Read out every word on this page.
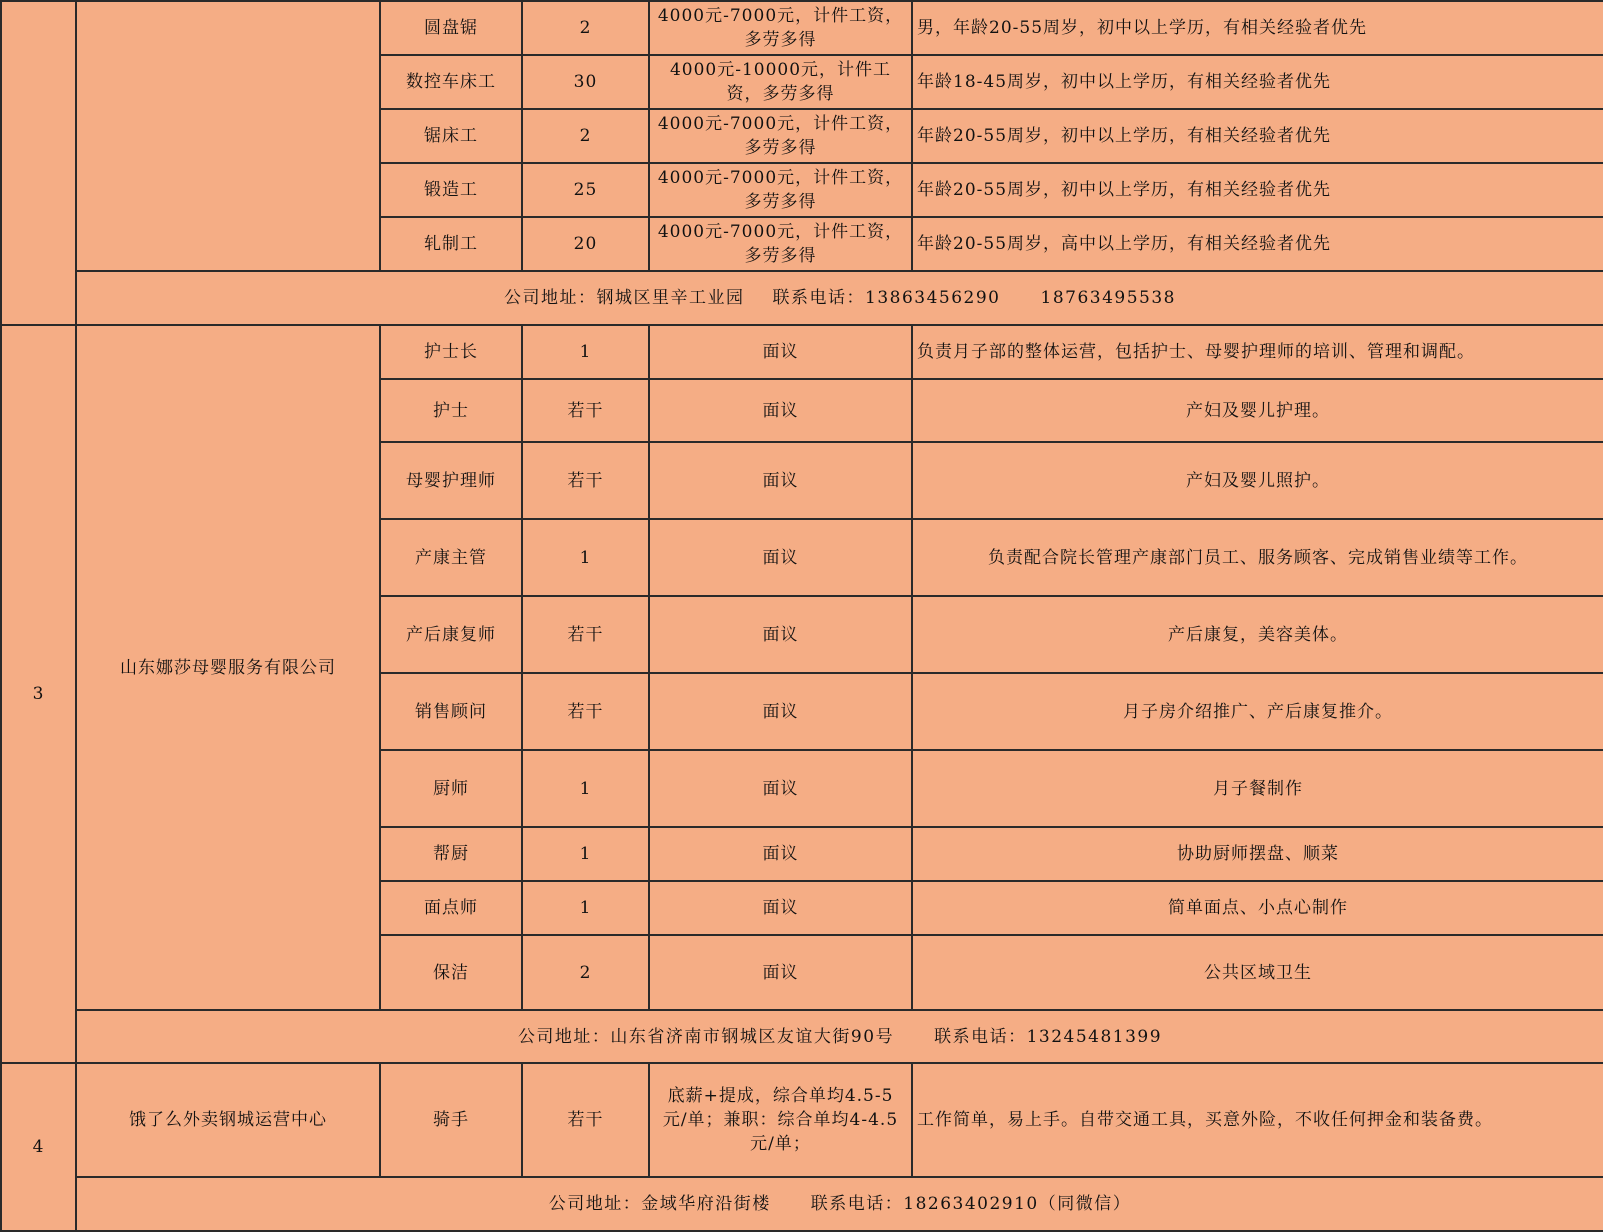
		圆盘锯	2	4000元-7000元，计件工资，多劳多得	男，年龄20-55周岁，初中以上学历，有相关经验者优先
		数控车床工	30	4000元-10000元，计件工资，多劳多得	年龄18-45周岁，初中以上学历，有相关经验者优先
		锯床工	2	4000元-7000元，计件工资，多劳多得	年龄20-55周岁，初中以上学历，有相关经验者优先
		锻造工	25	4000元-7000元，计件工资，多劳多得	年龄20-55周岁，初中以上学历，有相关经验者优先
		轧制工	20	4000元-7000元，计件工资，多劳多得	年龄20-55周岁，高中以上学历，有相关经验者优先
	公司地址：钢城区里辛工业园 联系电话：13863456290 18763495538				
3	山东娜莎母婴服务有限公司	护士长	1	面议	负责月子部的整体运营，包括护士、母婴护理师的培训、管理和调配。
		护士	若干	面议	产妇及婴儿护理。
		母婴护理师	若干	面议	产妇及婴儿照护。
		产康主管	1	面议	负责配合院长管理产康部门员工、服务顾客、完成销售业绩等工作。
		产后康复师	若干	面议	产后康复，美容美体。
		销售顾问	若干	面议	月子房介绍推广、产后康复推介。
		厨师	1	面议	月子餐制作
		帮厨	1	面议	协助厨师摆盘、顺菜
		面点师	1	面议	简单面点、小点心制作
		保洁	2	面议	公共区域卫生
	公司地址：山东省济南市钢城区友谊大街90号 联系电话：13245481399				
4	饿了么外卖钢城运营中心	骑手	若干	底薪+提成，综合单均4.5-5元/单；兼职：综合单均4-4.5元/单；	工作简单，易上手。自带交通工具，买意外险，不收任何押金和装备费。
	公司地址：金域华府沿街楼 联系电话：18263402910（同微信）				
